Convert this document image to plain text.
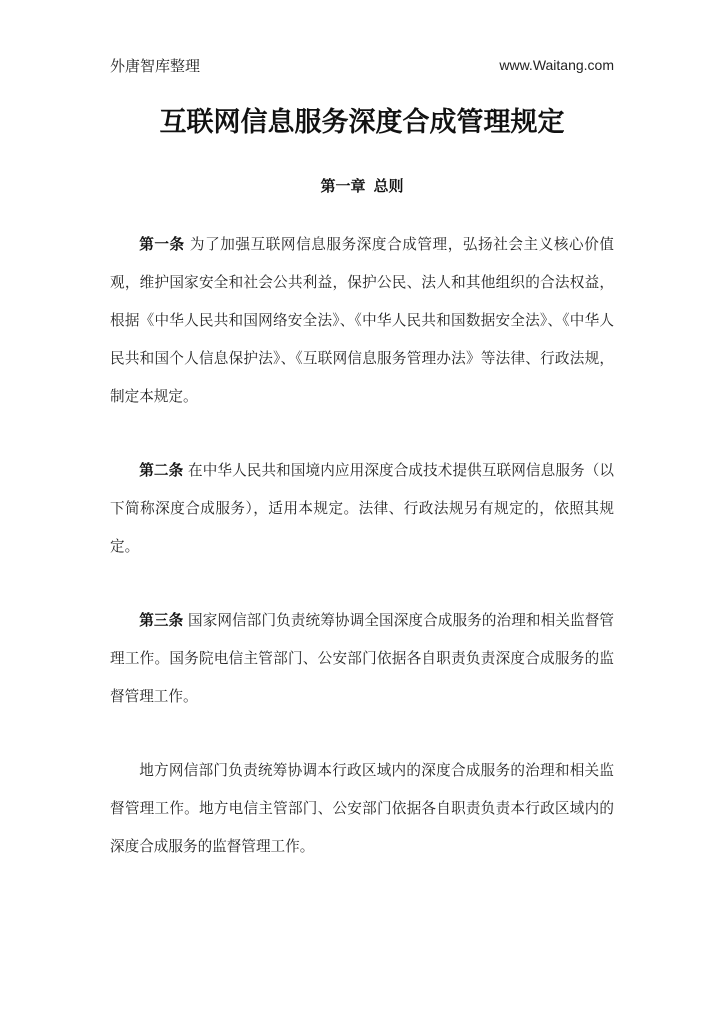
外唐智库整理	www.Waitang.com
互联网信息服务深度合成管理规定
第一章 总则

第一条 为了加强互联网信息服务深度合成管理，弘扬社会主义核心价值观，维护国家安全和社会公共利益，保护公民、法人和其他组织的合法权益，根据《中华人民共和国网络安全法》、《中华人民共和国数据安全法》、《中华人民共和国个人信息保护法》、《互联网信息服务管理办法》等法律、行政法规，制定本规定。

第二条 在中华人民共和国境内应用深度合成技术提供互联网信息服务（以下简称深度合成服务），适用本规定。法律、行政法规另有规定的，依照其规定。

第三条 国家网信部门负责统筹协调全国深度合成服务的治理和相关监督管理工作。国务院电信主管部门、公安部门依据各自职责负责深度合成服务的监督管理工作。

地方网信部门负责统筹协调本行政区域内的深度合成服务的治理和相关监督管理工作。地方电信主管部门、公安部门依据各自职责负责本行政区域内的深度合成服务的监督管理工作。
